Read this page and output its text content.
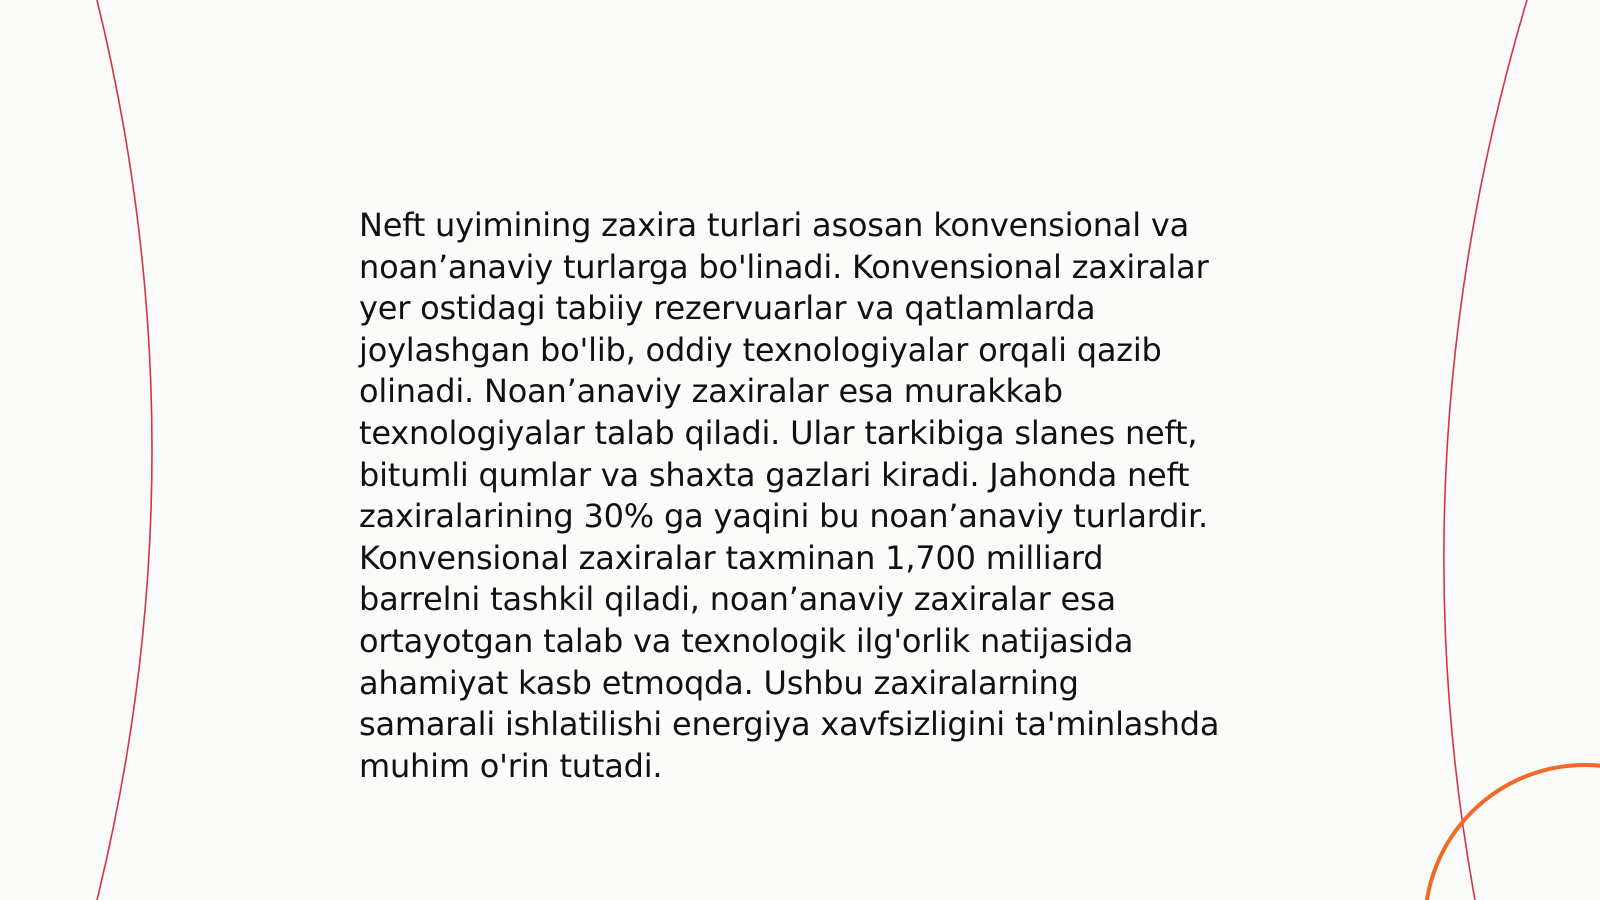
Neft uyimining zaxira turlari asosan konvensional va
noan’anaviy turlarga bo'linadi. Konvensional zaxiralar
yer ostidagi tabiiy rezervuarlar va qatlamlarda
joylashgan bo'lib, oddiy texnologiyalar orqali qazib
olinadi. Noan’anaviy zaxiralar esa murakkab
texnologiyalar talab qiladi. Ular tarkibiga slanes neft,
bitumli qumlar va shaxta gazlari kiradi. Jahonda neft
zaxiralarining 30% ga yaqini bu noan’anaviy turlardir.
Konvensional zaxiralar taxminan 1,700 milliard
barrelni tashkil qiladi, noan’anaviy zaxiralar esa
ortayotgan talab va texnologik ilg'orlik natijasida
ahamiyat kasb etmoqda. Ushbu zaxiralarning
samarali ishlatilishi energiya xavfsizligini ta'minlashda
muhim o'rin tutadi.
